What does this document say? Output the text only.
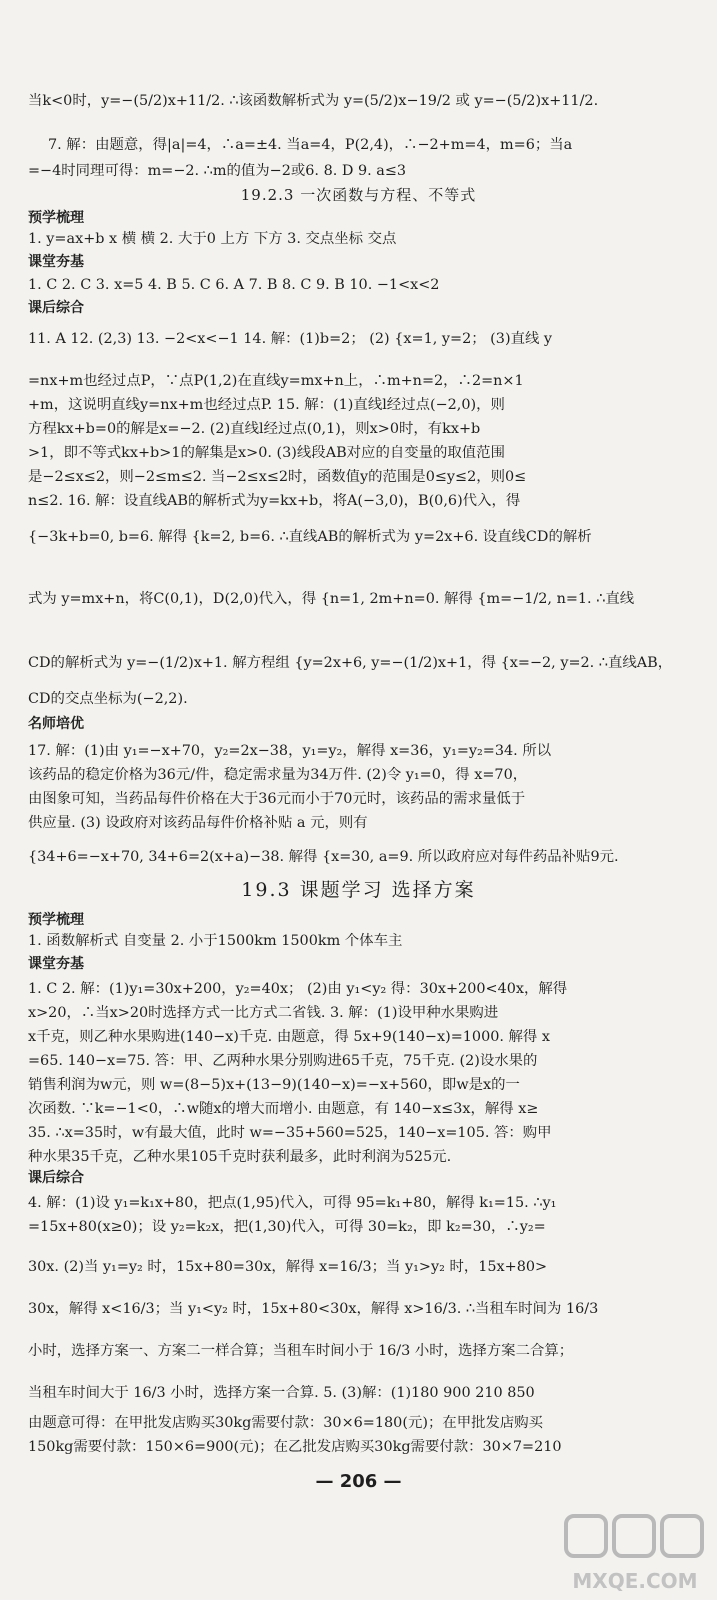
当k<0时，y=−(5/2)x+11/2. ∴该函数解析式为 y=(5/2)x−19/2 或 y=−(5/2)x+11/2.
7. 解：由题意，得|a|=4，∴a=±4. 当a=4，P(2,4)，∴−2+m=4，m=6；当a
=−4时同理可得：m=−2. ∴m的值为−2或6. 8. D 9. a≤3
19.2.3 一次函数与方程、不等式
预学梳理
1. y=ax+b x 横 横 2. 大于0 上方 下方 3. 交点坐标 交点
课堂夯基
1. C 2. C 3. x=5 4. B 5. C 6. A 7. B 8. C 9. B 10. −1<x<2
课后综合
11. A 12. (2,3) 13. −2<x<−1 14. 解：(1)b=2； (2) {x=1, y=2； (3)直线 y
=nx+m也经过点P，∵点P(1,2)在直线y=mx+n上，∴m+n=2，∴2=n×1
+m，这说明直线y=nx+m也经过点P. 15. 解：(1)直线l经过点(−2,0)，则
方程kx+b=0的解是x=−2. (2)直线l经过点(0,1)，则x>0时，有kx+b
>1，即不等式kx+b>1的解集是x>0. (3)线段AB对应的自变量的取值范围
是−2≤x≤2，则−2≤m≤2. 当−2≤x≤2时，函数值y的范围是0≤y≤2，则0≤
n≤2. 16. 解：设直线AB的解析式为y=kx+b，将A(−3,0)，B(0,6)代入，得
{−3k+b=0, b=6. 解得 {k=2, b=6. ∴直线AB的解析式为 y=2x+6. 设直线CD的解析
式为 y=mx+n，将C(0,1)，D(2,0)代入，得 {n=1, 2m+n=0. 解得 {m=−1/2, n=1. ∴直线
CD的解析式为 y=−(1/2)x+1. 解方程组 {y=2x+6, y=−(1/2)x+1，得 {x=−2, y=2. ∴直线AB，
CD的交点坐标为(−2,2).
名师培优
17. 解：(1)由 y₁=−x+70，y₂=2x−38，y₁=y₂，解得 x=36，y₁=y₂=34. 所以
该药品的稳定价格为36元/件，稳定需求量为34万件. (2)令 y₁=0，得 x=70，
由图象可知，当药品每件价格在大于36元而小于70元时，该药品的需求量低于
供应量. (3) 设政府对该药品每件价格补贴 a 元，则有
{34+6=−x+70, 34+6=2(x+a)−38. 解得 {x=30, a=9. 所以政府应对每件药品补贴9元.
19.3 课题学习 选择方案
预学梳理
1. 函数解析式 自变量 2. 小于1500km 1500km 个体车主
课堂夯基
1. C 2. 解：(1)y₁=30x+200，y₂=40x； (2)由 y₁<y₂ 得：30x+200<40x，解得
x>20，∴当x>20时选择方式一比方式二省钱. 3. 解：(1)设甲种水果购进
x千克，则乙种水果购进(140−x)千克. 由题意，得 5x+9(140−x)=1000. 解得 x
=65. 140−x=75. 答：甲、乙两种水果分别购进65千克，75千克. (2)设水果的
销售利润为w元，则 w=(8−5)x+(13−9)(140−x)=−x+560，即w是x的一
次函数. ∵k=−1<0，∴w随x的增大而增小. 由题意，有 140−x≤3x，解得 x≥
35. ∴x=35时，w有最大值，此时 w=−35+560=525，140−x=105. 答：购甲
种水果35千克，乙种水果105千克时获利最多，此时利润为525元.
课后综合
4. 解：(1)设 y₁=k₁x+80，把点(1,95)代入，可得 95=k₁+80，解得 k₁=15. ∴y₁
=15x+80(x≥0)；设 y₂=k₂x，把(1,30)代入，可得 30=k₂，即 k₂=30，∴y₂=
30x. (2)当 y₁=y₂ 时，15x+80=30x，解得 x=16/3；当 y₁>y₂ 时，15x+80>
30x，解得 x<16/3；当 y₁<y₂ 时，15x+80<30x，解得 x>16/3. ∴当租车时间为 16/3
小时，选择方案一、方案二一样合算；当租车时间小于 16/3 小时，选择方案二合算；
当租车时间大于 16/3 小时，选择方案一合算. 5. (3)解：(1)180 900 210 850
由题意可得：在甲批发店购买30kg需要付款：30×6=180(元)；在甲批发店购买
150kg需要付款：150×6=900(元)；在乙批发店购买30kg需要付款：30×7=210
— 206 —
MXQE.COM
